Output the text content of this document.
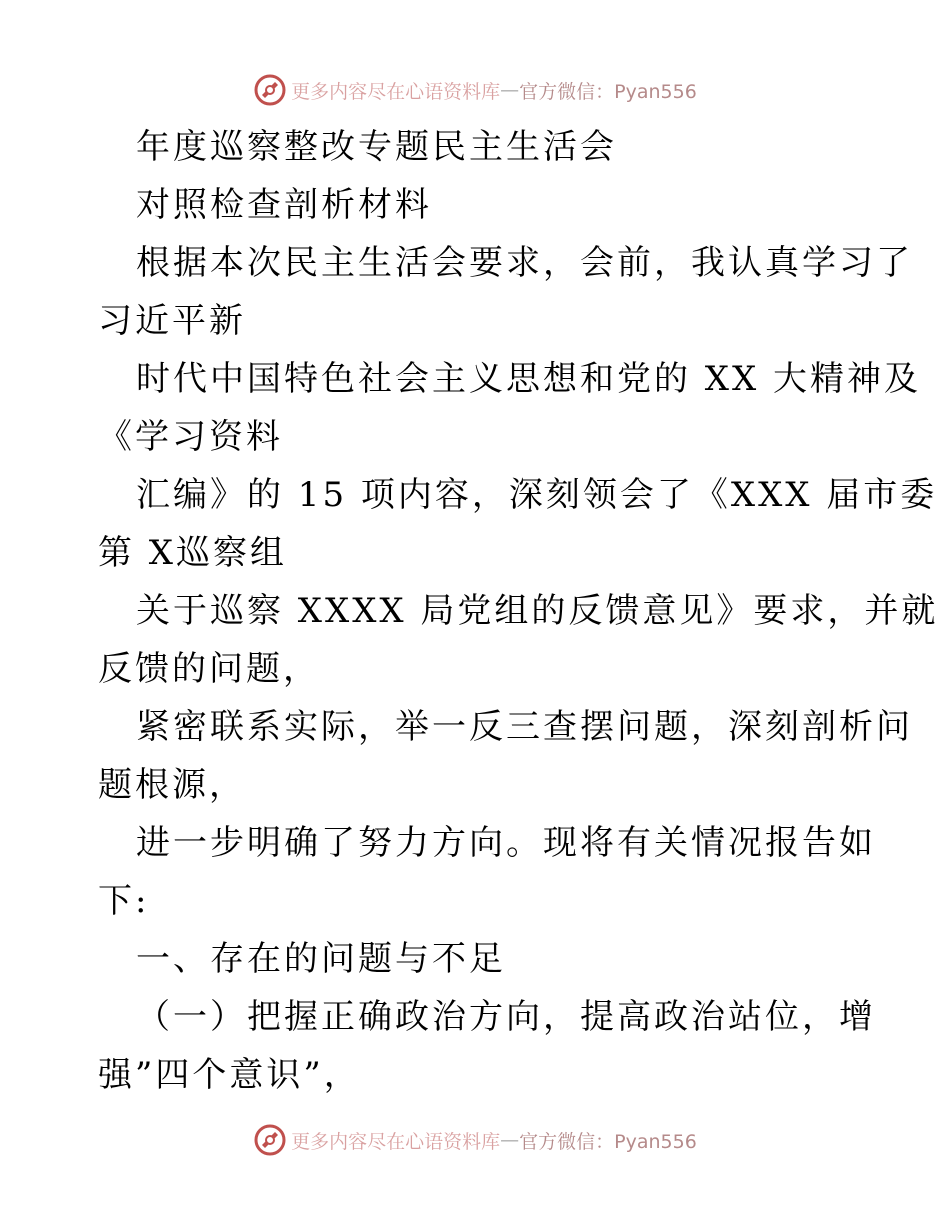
更多内容尽在心语资料库 — 官方微信：Pyan556
年度巡察整改专题民主生活会
对照检查剖析材料
根据本次民主生活会要求，会前，我认真学习了
习近平新
时代中国特色社会主义思想和党的 XX 大精神及
《学习资料
汇编》的 15 项内容，深刻领会了《XXX 届市委
第 X巡察组
关于巡察 XXXX 局党组的反馈意见》要求，并就
反馈的问题，
紧密联系实际，举一反三查摆问题，深刻剖析问
题根源，
进一步明确了努力方向。现将有关情况报告如
下:
一、存在的问题与不足
（一）把握正确政治方向，提高政治站位，增
强”四个意识”，
更多内容尽在心语资料库 — 官方微信：Pyan556
